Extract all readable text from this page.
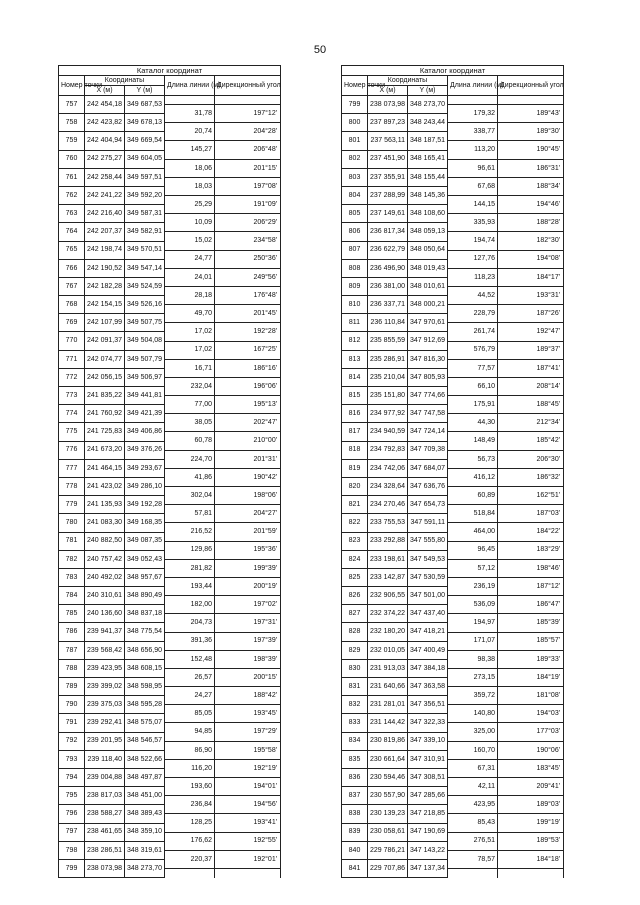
50
Каталог координат				
Номер точки	Координаты		Длина линии (м)	Дирекционный угол
	X (м)	Y (м)		
757	242 454,18	349 687,53		
			31,78	197°12'
758	242 423,82	349 678,13		
			20,74	204°28'
759	242 404,94	349 669,54		
			145,27	206°48'
760	242 275,27	349 604,05		
			18,06	201°15'
761	242 258,44	349 597,51		
			18,03	197°08'
762	242 241,22	349 592,20		
			25,29	191°09'
763	242 216,40	349 587,31		
			10,09	206°29'
764	242 207,37	349 582,91		
			15,02	234°58'
765	242 198,74	349 570,51		
			24,77	250°36'
766	242 190,52	349 547,14		
			24,01	249°56'
767	242 182,28	349 524,59		
			28,18	176°48'
768	242 154,15	349 526,16		
			49,70	201°45'
769	242 107,99	349 507,75		
			17,02	192°28'
770	242 091,37	349 504,08		
			17,02	167°25'
771	242 074,77	349 507,79		
			16,71	186°16'
772	242 056,15	349 506,97		
			232,04	196°06'
773	241 835,22	349 441,81		
			77,00	195°13'
774	241 760,92	349 421,39		
			38,05	202°47'
775	241 725,83	349 406,86		
			60,78	210°00'
776	241 673,20	349 376,26		
			224,70	201°31'
777	241 464,15	349 293,67		
			41,86	190°42'
778	241 423,02	349 286,10		
			302,04	198°06'
779	241 135,93	349 192,28		
			57,81	204°27'
780	241 083,30	349 168,35		
			216,52	201°59'
781	240 882,50	349 087,35		
			129,86	195°36'
782	240 757,42	349 052,43		
			281,82	199°39'
783	240 492,02	348 957,67		
			193,44	200°19'
784	240 310,61	348 890,49		
			182,00	197°02'
785	240 136,60	348 837,18		
			204,73	197°31'
786	239 941,37	348 775,54		
			391,36	197°39'
787	239 568,42	348 656,90		
			152,48	198°39'
788	239 423,95	348 608,15		
			26,57	200°15'
789	239 399,02	348 598,95		
			24,27	188°42'
790	239 375,03	348 595,28		
			85,05	193°45'
791	239 292,41	348 575,07		
			94,85	197°29'
792	239 201,95	348 546,57		
			86,90	195°58'
793	239 118,40	348 522,66		
			116,20	192°19'
794	239 004,88	348 497,87		
			193,60	194°01'
795	238 817,03	348 451,00		
			236,84	194°56'
796	238 588,27	348 389,43		
			128,25	193°41'
797	238 461,65	348 359,10		
			176,62	192°55'
798	238 286,51	348 319,61		
			220,37	192°01'
799	238 073,98	348 273,70		

Каталог координат				
Номер точки	Координаты		Длина линии (м)	Дирекционный угол
	X (м)	Y (м)		
799	238 073,98	348 273,70		
			179,32	189°43'
800	237 897,23	348 243,44		
			338,77	189°30'
801	237 563,11	348 187,51		
			113,20	190°45'
802	237 451,90	348 165,41		
			96,61	186°31'
803	237 355,91	348 155,44		
			67,68	188°34'
804	237 288,99	348 145,36		
			144,15	194°46'
805	237 149,61	348 108,60		
			335,93	188°28'
806	236 817,34	348 059,13		
			194,74	182°30'
807	236 622,79	348 050,64		
			127,76	194°08'
808	236 496,90	348 019,43		
			118,23	184°17'
809	236 381,00	348 010,61		
			44,52	193°31'
810	236 337,71	348 000,21		
			228,79	187°26'
811	236 110,84	347 970,61		
			261,74	192°47'
812	235 855,59	347 912,69		
			576,79	189°37'
813	235 286,91	347 816,30		
			77,57	187°41'
814	235 210,04	347 805,93		
			66,10	208°14'
815	235 151,80	347 774,66		
			175,91	188°45'
816	234 977,92	347 747,58		
			44,30	212°34'
817	234 940,59	347 724,14		
			148,49	185°42'
818	234 792,83	347 709,38		
			56,73	206°30'
819	234 742,06	347 684,07		
			416,12	186°32'
820	234 328,64	347 636,76		
			60,89	162°51'
821	234 270,46	347 654,73		
			518,84	187°03'
822	233 755,53	347 591,11		
			464,00	184°22'
823	233 292,88	347 555,80		
			96,45	183°29'
824	233 198,61	347 549,53		
			57,12	198°46'
825	233 142,87	347 530,59		
			236,19	187°12'
826	232 906,55	347 501,00		
			536,09	186°47'
827	232 374,22	347 437,40		
			194,97	185°39'
828	232 180,20	347 418,21		
			171,07	185°57'
829	232 010,05	347 400,49		
			98,38	189°33'
830	231 913,03	347 384,18		
			273,15	184°19'
831	231 640,66	347 363,58		
			359,72	181°08'
832	231 281,01	347 356,51		
			140,80	194°03'
833	231 144,42	347 322,33		
			325,00	177°03'
834	230 819,86	347 339,10		
			160,70	190°06'
835	230 661,64	347 310,91		
			67,31	183°45'
836	230 594,46	347 308,51		
			42,11	209°41'
837	230 557,90	347 285,66		
			423,95	189°03'
838	230 139,23	347 218,85		
			85,43	199°19'
839	230 058,61	347 190,69		
			276,51	189°53'
840	229 786,21	347 143,22		
			78,57	184°18'
841	229 707,86	347 137,34		
